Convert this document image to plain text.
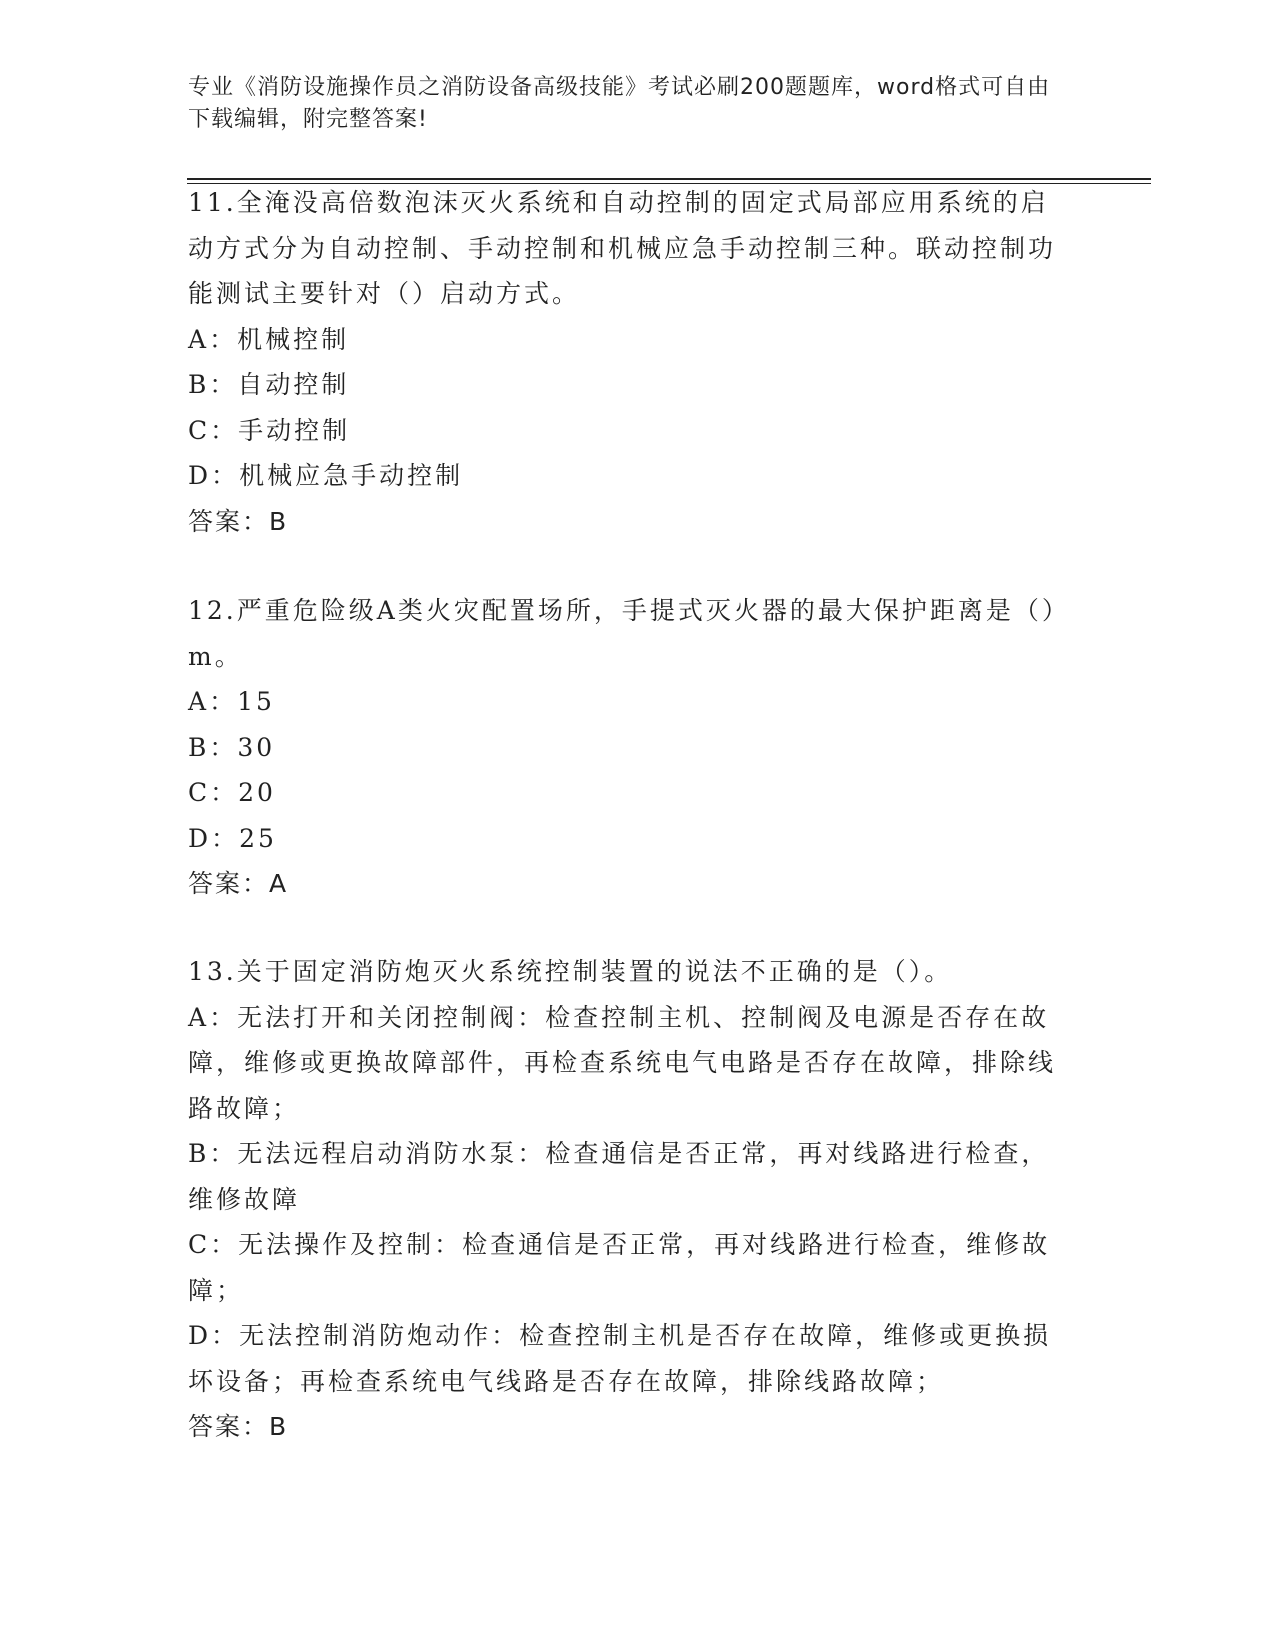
专业《消防设施操作员之消防设备高级技能》考试必刷200题题库，word格式可自由下载编辑，附完整答案!

11.全淹没高倍数泡沫灭火系统和自动控制的固定式局部应用系统的启动方式分为自动控制、手动控制和机械应急手动控制三种。联动控制功能测试主要针对（）启动方式。

A：机械控制

B：自动控制

C：手动控制

D：机械应急手动控制

答案：B

12.严重危险级A类火灾配置场所，手提式灭火器的最大保护距离是（）m。

A：15

B：30

C：20

D：25

答案：A

13.关于固定消防炮灭火系统控制装置的说法不正确的是（）。

A：无法打开和关闭控制阀：检查控制主机、控制阀及电源是否存在故障，维修或更换故障部件，再检查系统电气电路是否存在故障，排除线路故障；

B：无法远程启动消防水泵：检查通信是否正常，再对线路进行检查，维修故障

C：无法操作及控制：检查通信是否正常，再对线路进行检查，维修故障；

D：无法控制消防炮动作：检查控制主机是否存在故障，维修或更换损坏设备；再检查系统电气线路是否存在故障，排除线路故障；

答案：B
